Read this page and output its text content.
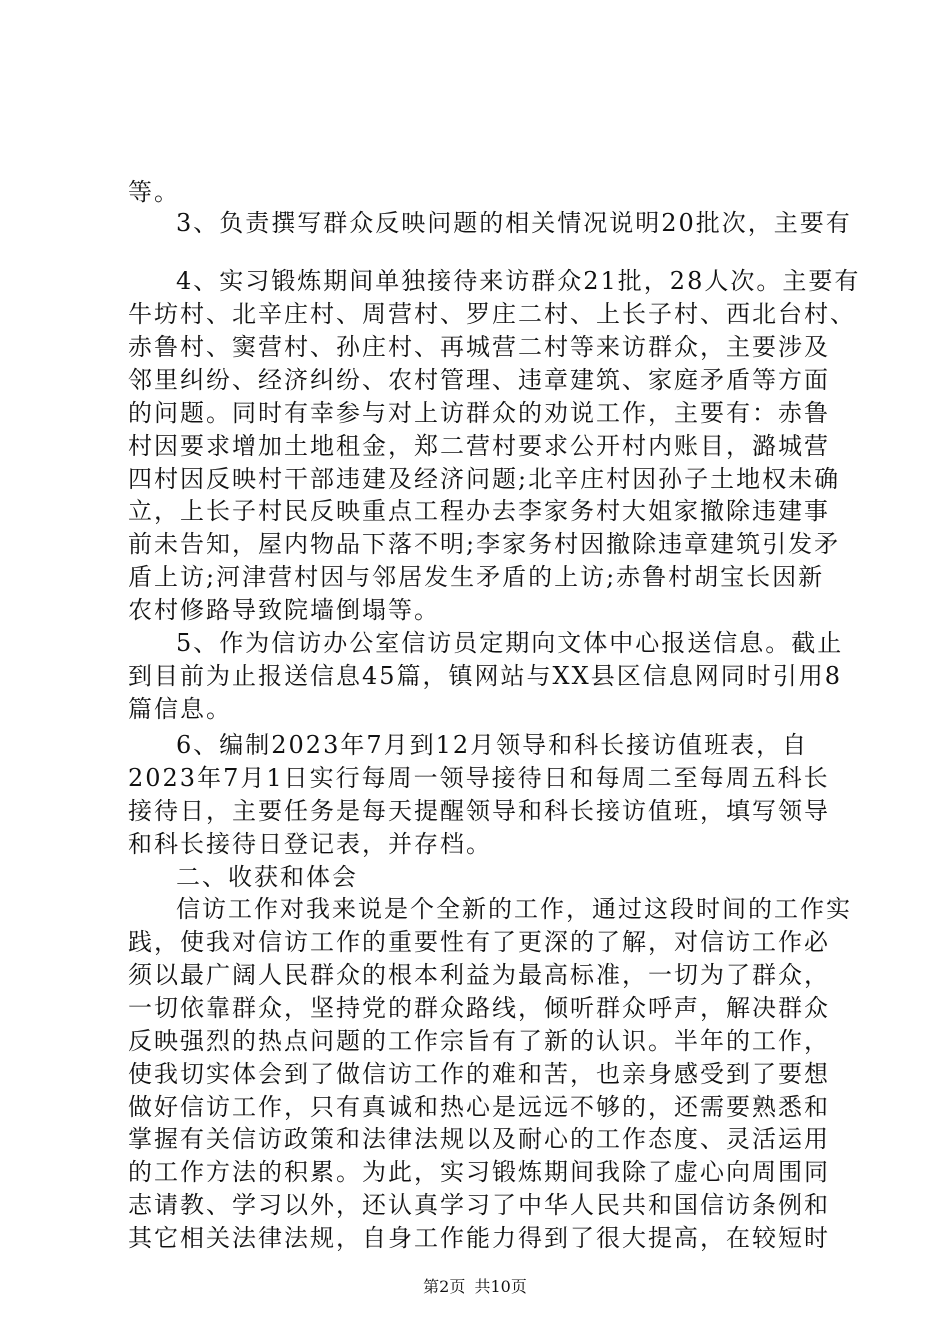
等。
3、负责撰写群众反映问题的相关情况说明20批次，主要有
4、实习锻炼期间单独接待来访群众21批，28人次。主要有
牛坊村、北辛庄村、周营村、罗庄二村、上长子村、西北台村、
赤鲁村、窦营村、孙庄村、再城营二村等来访群众，主要涉及
邻里纠纷、经济纠纷、农村管理、违章建筑、家庭矛盾等方面
的问题。同时有幸参与对上访群众的劝说工作，主要有：赤鲁
村因要求增加土地租金，郑二营村要求公开村内账目，潞城营
四村因反映村干部违建及经济问题;北辛庄村因孙子土地权未确
立，上长子村民反映重点工程办去李家务村大姐家撤除违建事
前未告知，屋内物品下落不明;李家务村因撤除违章建筑引发矛
盾上访;河津营村因与邻居发生矛盾的上访;赤鲁村胡宝长因新
农村修路导致院墙倒塌等。
5、作为信访办公室信访员定期向文体中心报送信息。截止
到目前为止报送信息45篇，镇网站与XX县区信息网同时引用8
篇信息。
6、编制2023年7月到12月领导和科长接访值班表，自
2023年7月1日实行每周一领导接待日和每周二至每周五科长
接待日，主要任务是每天提醒领导和科长接访值班，填写领导
和科长接待日登记表，并存档。
二、收获和体会
信访工作对我来说是个全新的工作，通过这段时间的工作实
践，使我对信访工作的重要性有了更深的了解，对信访工作必
须以最广阔人民群众的根本利益为最高标准，一切为了群众，
一切依靠群众，坚持党的群众路线，倾听群众呼声，解决群众
反映强烈的热点问题的工作宗旨有了新的认识。半年的工作，
使我切实体会到了做信访工作的难和苦，也亲身感受到了要想
做好信访工作，只有真诚和热心是远远不够的，还需要熟悉和
掌握有关信访政策和法律法规以及耐心的工作态度、灵活运用
的工作方法的积累。为此，实习锻炼期间我除了虚心向周围同
志请教、学习以外，还认真学习了中华人民共和国信访条例和
其它相关法律法规，自身工作能力得到了很大提高，在较短时
第2页 共10页
